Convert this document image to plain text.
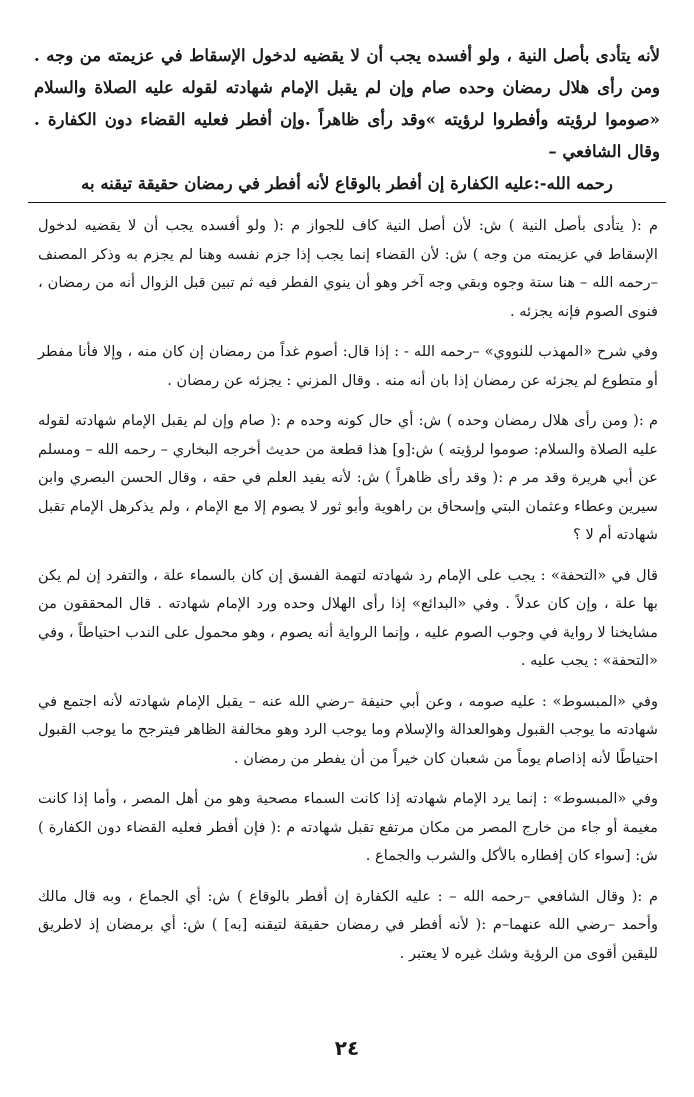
لأنه يتأدى بأصل النية ، ولو أفسده يجب أن لا يقضيه لدخول الإسقاط في عزيمته من وجه . ومن رأى هلال رمضان وحده صام وإن لم يقبل الإمام شهادته لقوله عليه الصلاة والسلام «صوموا لرؤيته وأفطروا لرؤيته »وقد رأى ظاهراً .وإن أفطر فعليه القضاء دون الكفارة . وقال الشافعي –
رحمه الله-:عليه الكفارة إن أفطر بالوقاع لأنه أفطر في رمضان حقيقة تيقنه به

م :( يتأدى بأصل النية ) ش: لأن أصل النية كاف للجواز م :( ولو أفسده يجب أن لا يقضيه لدخول الإسقاط في عزيمته من وجه ) ش: لأن القضاء إنما يجب إذا جزم نفسه وهنا لم يجزم به وذكر المصنف –رحمه الله – هنا ستة وجوه وبقي وجه آخر وهو أن ينوي الفطر فيه ثم تبين قبل الزوال أنه من رمضان ، فنوى الصوم فإنه يجزئه .

وفي شرح «المهذب للنووي» –رحمه الله - : إذا قال: أصوم غداً من رمضان إن كان منه ، وإلا فأنا مفطر أو متطوع لم يجزئه عن رمضان إذا بان أنه منه . وقال المزني : يجزئه عن رمضان .

م :( ومن رأى هلال رمضان وحده ) ش: أي حال كونه وحده م :( صام وإن لم يقبل الإمام شهادته لقوله عليه الصلاة والسلام: صوموا لرؤيته ) ش:[و] هذا قطعة من حديث أخرجه البخاري – رحمه الله – ومسلم عن أبي هريرة وقد مر م :( وقد رأى ظاهراً ) ش: لأنه يفيد العلم في حقه ، وقال الحسن البصري وابن سيرين وعطاء وعثمان البتي وإسحاق بن راهوية وأبو ثور لا يصوم إلا مع الإمام ، ولم يذكرهل الإمام تقبل شهادته أم لا ؟

قال في «التحفة» : يجب على الإمام رد شهادته لتهمة الفسق إن كان بالسماء علة ، والتفرد إن لم يكن بها علة ، وإن كان عدلاً . وفي «البدائع» إذا رأى الهلال وحده ورد الإمام شهادته . قال المحققون من مشايخنا لا رواية في وجوب الصوم عليه ، وإنما الرواية أنه يصوم ، وهو محمول على الندب احتياطاً ، وفي «التحفة» : يجب عليه .

وفي «المبسوط» : عليه صومه ، وعن أبي حنيفة –رضي الله عنه – يقبل الإمام شهادته لأنه اجتمع في شهادته ما يوجب القبول وهوالعدالة والإسلام وما يوجب الرد وهو مخالفة الظاهر فيترجح ما يوجب القبول احتياطًا لأنه إذاصام يوماً من شعبان كان خيراً من أن يفطر من رمضان .

وفي «المبسوط» : إنما يرد الإمام شهادته إذا كانت السماء مصحية وهو من أهل المصر ، وأما إذا كانت مغيمة أو جاء من خارج المصر من مكان مرتفع تقبل شهادته م :( فإن أفطر فعليه القضاء دون الكفارة ) ش: [سواء كان إفطاره بالأكل والشرب والجماع .

م :( وقال الشافعي –رحمه الله – : عليه الكفارة إن أفطر بالوقاع ) ش: أي الجماع ، وبه قال مالك وأحمد –رضي الله عنهما–م :( لأنه أفطر في رمضان حقيقة لتيقنه [به] ) ش: أي برمضان إذ لاطريق لليقين أقوى من الرؤية وشك غيره لا يعتبر .

٢٤
